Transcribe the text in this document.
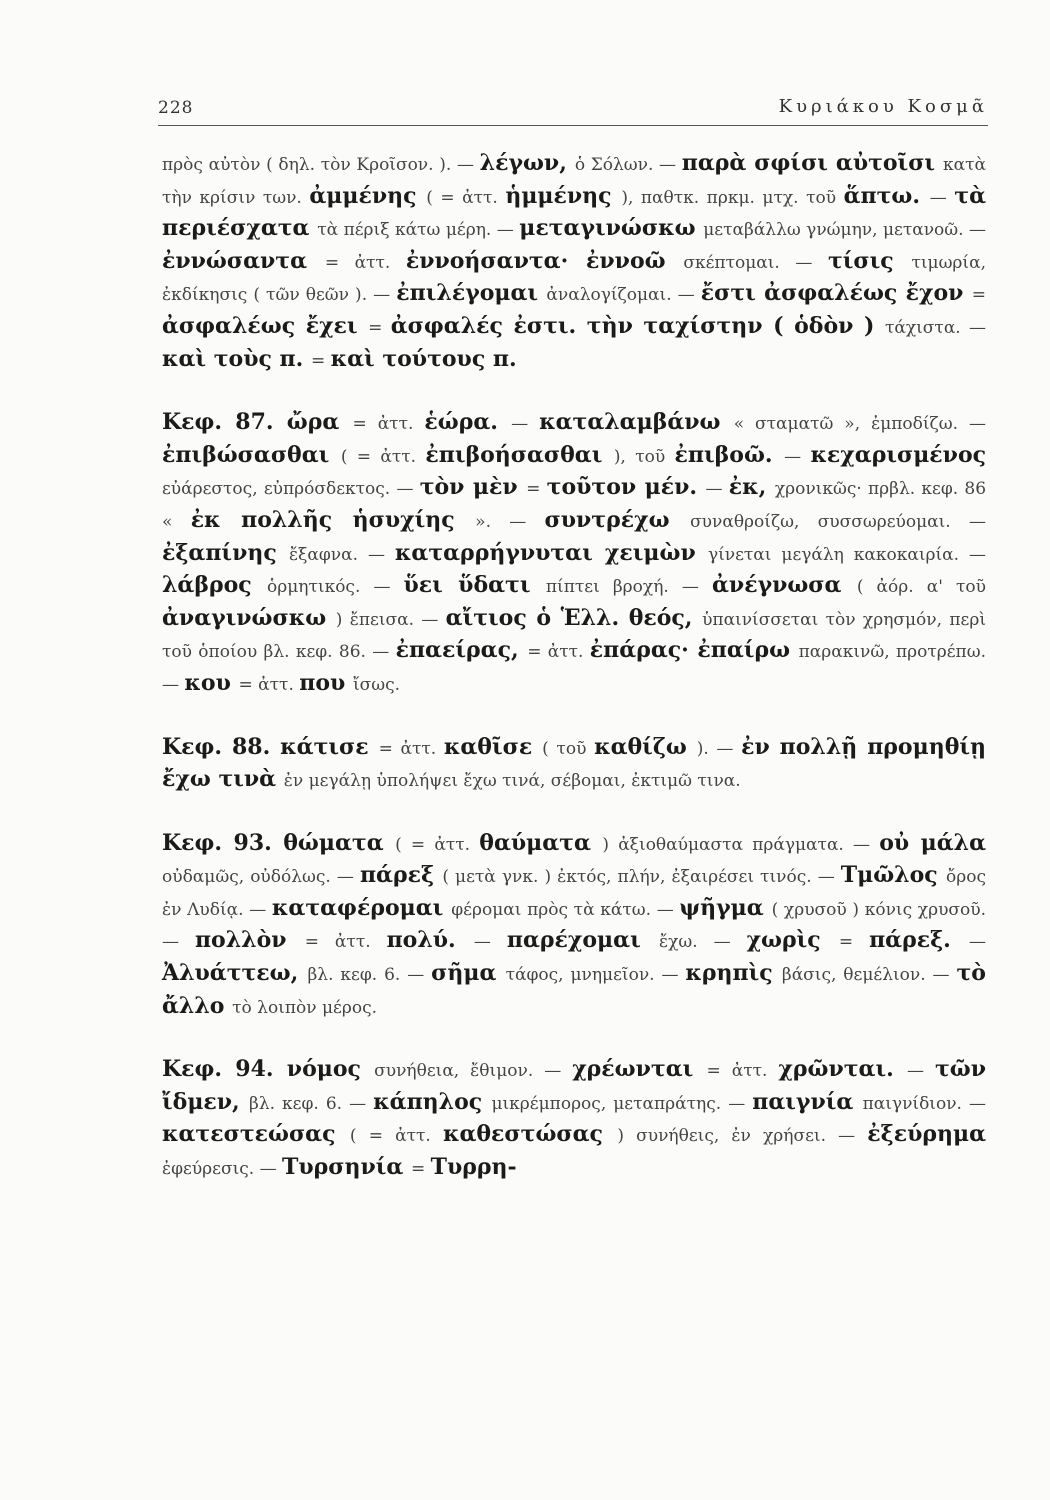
228	Κυριάκου Κοσμᾶ

πρὸς αὐτὸν ( δηλ. τὸν Κροῖσον. ). — λέγων, ὁ Σόλων. — παρὰ σφίσι αὐτοῖσι κατὰ τὴν κρίσιν των. ἀμμένης ( = ἀττ. ἡμμένης ), παθτκ. πρκμ. μτχ. τοῦ ἅπτω. — τὰ περιέσχατα τὰ πέριξ κάτω μέρη. — μεταγινώσκω μεταβάλλω γνώμην, μετανοῶ. — ἐννώσαντα = ἀττ. ἐννοήσαντα· ἐννοῶ σκέπτομαι. — τίσις τιμωρία, ἐκδίκησις ( τῶν θεῶν ). — ἐπιλέγομαι ἀναλογίζομαι. — ἔστι ἀσφαλέως ἔχον = ἀσφαλέως ἔχει = ἀσφαλές ἐστι. τὴν ταχίστην ( ὁδὸν ) τάχιστα. — καὶ τοὺς π. = καὶ τούτους π.

Κεφ. 87. ὤρα = ἀττ. ἑώρα. — καταλαμβάνω « σταματῶ », ἐμποδίζω. — ἐπιβώσασθαι ( = ἀττ. ἐπιβοήσασθαι ), τοῦ ἐπιβοῶ. — κεχαρισμένος εὐάρεστος, εὐπρόσδεκτος. — τὸν μὲν = τοῦτον μέν. — ἐκ, χρονικῶς· πρβλ. κεφ. 86 « ἐκ πολλῆς ἡσυχίης ». — συντρέχω συναθροίζω, συσσωρεύομαι. — ἐξαπίνης ἔξαφνα. — καταρρήγνυται χειμὼν γίνεται μεγάλη κακοκαιρία. — λάβρος ὁρμητικός. — ὕει ὕδατι πίπτει βροχή. — ἀνέγνωσα ( ἀόρ. α' τοῦ ἀναγινώσκω ) ἔπεισα. — αἴτιος ὁ Ἑλλ. θεός, ὑπαινίσσεται τὸν χρησμόν, περὶ τοῦ ὁποίου βλ. κεφ. 86. — ἐπαείρας, = ἀττ. ἐπάρας· ἐπαίρω παρακινῶ, προτρέπω. — κου = ἀττ. που ἴσως.

Κεφ. 88. κάτισε = ἀττ. καθῖσε ( τοῦ καθίζω ). — ἐν πολλῇ προμηθίῃ ἔχω τινὰ ἐν μεγάλῃ ὑπολήψει ἔχω τινά, σέβομαι, ἐκτιμῶ τινα.

Κεφ. 93. θώματα ( = ἀττ. θαύματα ) ἀξιοθαύμαστα πράγματα. — οὐ μάλα οὐδαμῶς, οὐδόλως. — πάρεξ ( μετὰ γνκ. ) ἐκτός, πλήν, ἐξαιρέσει τινός. — Τμῶλος ὄρος ἐν Λυδίᾳ. — καταφέρομαι φέρομαι πρὸς τὰ κάτω. — ψῆγμα ( χρυσοῦ ) κόνις χρυσοῦ. — πολλὸν = ἀττ. πολύ. — παρέχομαι ἔχω. — χωρὶς = πάρεξ. — Ἀλυάττεω, βλ. κεφ. 6. — σῆμα τάφος, μνημεῖον. — κρηπὶς βάσις, θεμέλιον. — τὸ ἄλλο τὸ λοιπὸν μέρος.

Κεφ. 94. νόμος συνήθεια, ἔθιμον. — χρέωνται = ἀττ. χρῶνται. — τῶν ἴδμεν, βλ. κεφ. 6. — κάπηλος μικρέμπορος, μεταπράτης. — παιγνία παιγνίδιον. — κατεστεώσας ( = ἀττ. καθεστώσας ) συνήθεις, ἐν χρήσει. — ἐξεύρημα ἐφεύρεσις. — Τυρσηνία = Τυρρη-
